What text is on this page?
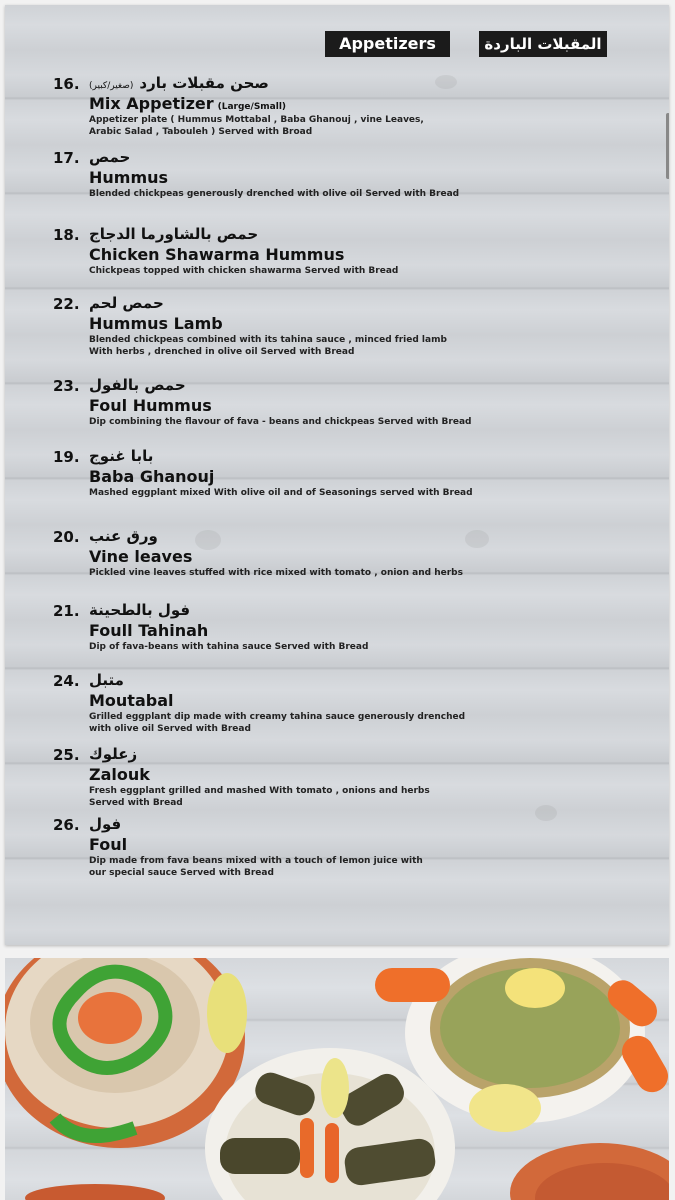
Appetizers	المقبلات الباردة
16.	صحن مقبلات بارد(صغير/كبير)
Mix Appetizer (Large/Small)
Appetizer plate ( Hummus Mottabal , Baba Ghanouj , vine Leaves,
Arabic Salad , Tabouleh ) Served with Broad
17. حمص
Hummus
Blended chickpeas generously drenched with olive oil Served with Bread
18. حمص بالشاورما الدجاج
Chicken Shawarma Hummus
Chickpeas topped with chicken shawarma Served with Bread
22. حمص لحم
Hummus Lamb
Blended chickpeas combined with its tahina sauce , minced fried lamb
With herbs , drenched in olive oil Served with Bread
23. حمص بالفول
Foul Hummus
Dip combining the flavour of fava - beans and chickpeas Served with Bread
19. بابا غنوج
Baba Ghanouj
Mashed eggplant mixed With olive oil and of Seasonings served with Bread
20. ورق عنب
Vine leaves
Pickled vine leaves stuffed with rice mixed with tomato , onion and herbs
21. فول بالطحينة
Foull Tahinah
Dip of fava-beans with tahina sauce Served with Bread
24. متبل
Moutabal
Grilled eggplant dip made with creamy tahina sauce generously drenched
with olive oil Served with Bread
25. زعلوك
Zalouk
Fresh eggplant grilled and mashed With tomato , onions and herbs
Served with Bread
26. فول
Foul
Dip made from fava beans mixed with a touch of lemon juice with
our special sauce Served with Bread
